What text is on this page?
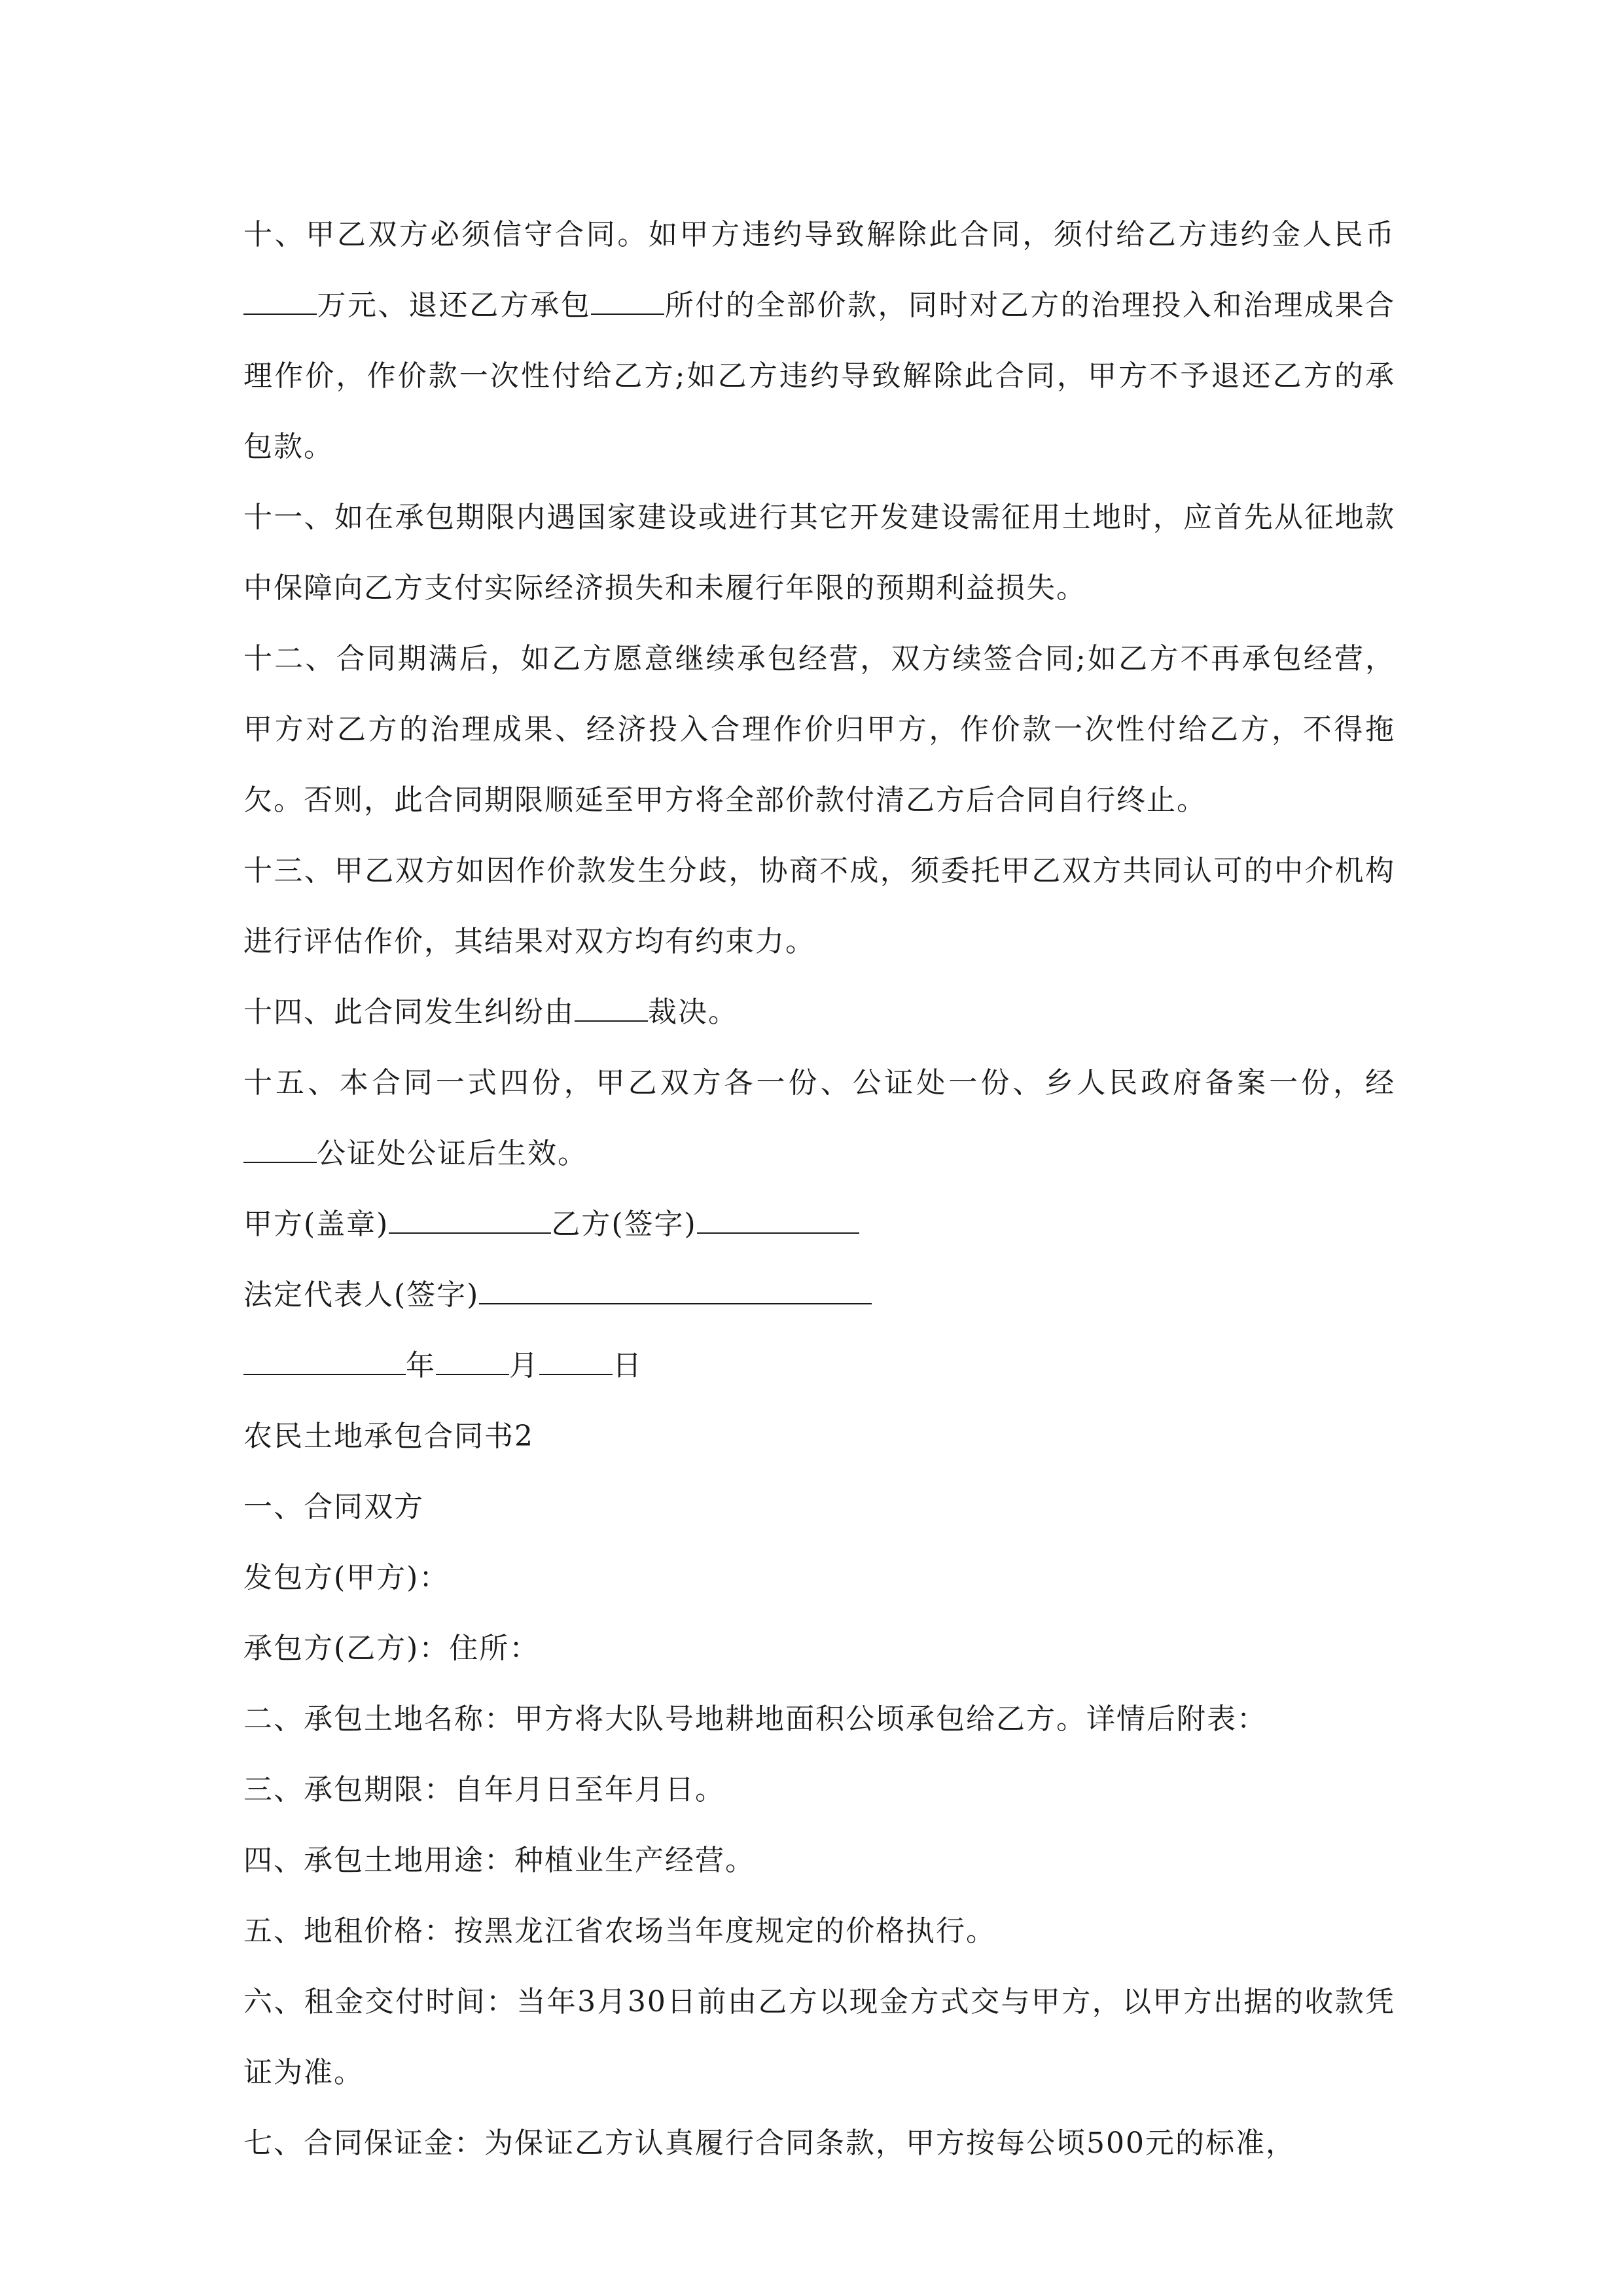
十、甲乙双方必须信守合同。如甲方违约导致解除此合同，须付给乙方违约金人民币万元、退还乙方承包	所付的全部价款，同时对乙方的治理投入和治理成果合理作价，作价款一次性付给乙方;如乙方违约导致解除此合同，甲方不予退还乙方的承包款。

十一、如在承包期限内遇国家建设或进行其它开发建设需征用土地时，应首先从征地款中保障向乙方支付实际经济损失和未履行年限的预期利益损失。

十二、合同期满后，如乙方愿意继续承包经营，双方续签合同;如乙方不再承包经营，甲方对乙方的治理成果、经济投入合理作价归甲方，作价款一次性付给乙方，不得拖欠。否则，此合同期限顺延至甲方将全部价款付清乙方后合同自行终止。

十三、甲乙双方如因作价款发生分歧，协商不成，须委托甲乙双方共同认可的中介机构进行评估作价，其结果对双方均有约束力。

十四、此合同发生纠纷由	裁决。

十五、本合同一式四份，甲乙双方各一份、公证处一份、乡人民政府备案一份，经公证处公证后生效。

甲方(盖章)	乙方(签字)

法定代表人(签字)

年	月	日

农民土地承包合同书2

一、合同双方

发包方(甲方)：

承包方(乙方)：住所：

二、承包土地名称：甲方将大队号地耕地面积公顷承包给乙方。详情后附表：

三、承包期限：自年月日至年月日。

四、承包土地用途：种植业生产经营。

五、地租价格：按黑龙江省农场当年度规定的价格执行。

六、租金交付时间：当年3月30日前由乙方以现金方式交与甲方，以甲方出据的收款凭证为准。

七、合同保证金：为保证乙方认真履行合同条款，甲方按每公顷500元的标准，
